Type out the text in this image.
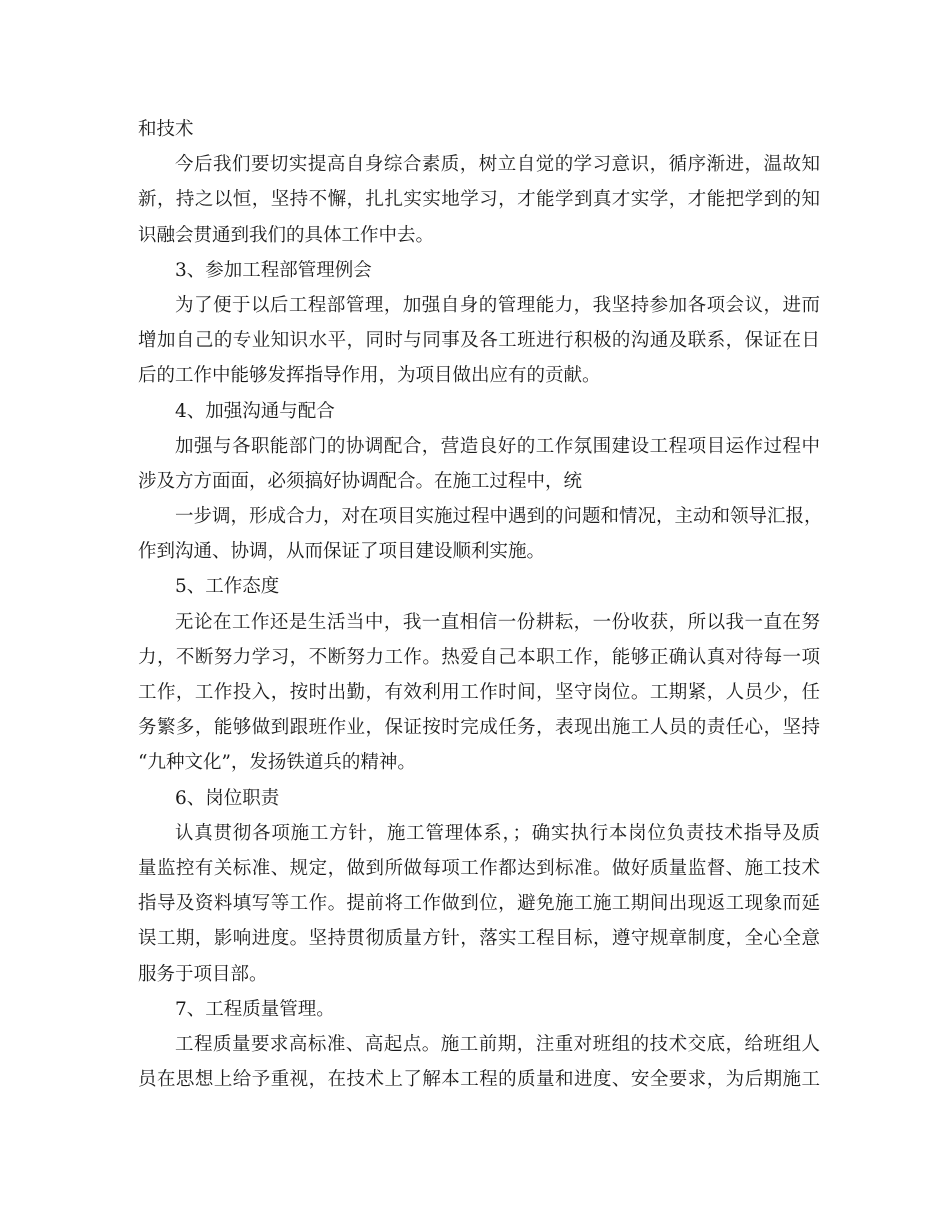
和技术
今后我们要切实提高自身综合素质，树立自觉的学习意识，循序渐进，温故知
新，持之以恒，坚持不懈，扎扎实实地学习，才能学到真才实学，才能把学到的知
识融会贯通到我们的具体工作中去。
3、参加工程部管理例会
为了便于以后工程部管理，加强自身的管理能力，我坚持参加各项会议，进而
增加自己的专业知识水平，同时与同事及各工班进行积极的沟通及联系，保证在日
后的工作中能够发挥指导作用，为项目做出应有的贡献。
4、加强沟通与配合
加强与各职能部门的协调配合，营造良好的工作氛围建设工程项目运作过程中
涉及方方面面，必须搞好协调配合。在施工过程中，统
一步调，形成合力，对在项目实施过程中遇到的问题和情况，主动和领导汇报，
作到沟通、协调，从而保证了项目建设顺利实施。
5、工作态度
无论在工作还是生活当中，我一直相信一份耕耘，一份收获，所以我一直在努
力，不断努力学习，不断努力工作。热爱自己本职工作，能够正确认真对待每一项
工作，工作投入，按时出勤，有效利用工作时间，坚守岗位。工期紧，人员少，任
务繁多，能够做到跟班作业，保证按时完成任务，表现出施工人员的责任心，坚持
“九种文化”，发扬铁道兵的精神。
6、岗位职责
认真贯彻各项施工方针，施工管理体系，；确实执行本岗位负责技术指导及质
量监控有关标准、规定，做到所做每项工作都达到标准。做好质量监督、施工技术
指导及资料填写等工作。提前将工作做到位，避免施工施工期间出现返工现象而延
误工期，影响进度。坚持贯彻质量方针，落实工程目标，遵守规章制度，全心全意
服务于项目部。
7、工程质量管理。
工程质量要求高标准、高起点。施工前期，注重对班组的技术交底，给班组人
员在思想上给予重视，在技术上了解本工程的质量和进度、安全要求，为后期施工
